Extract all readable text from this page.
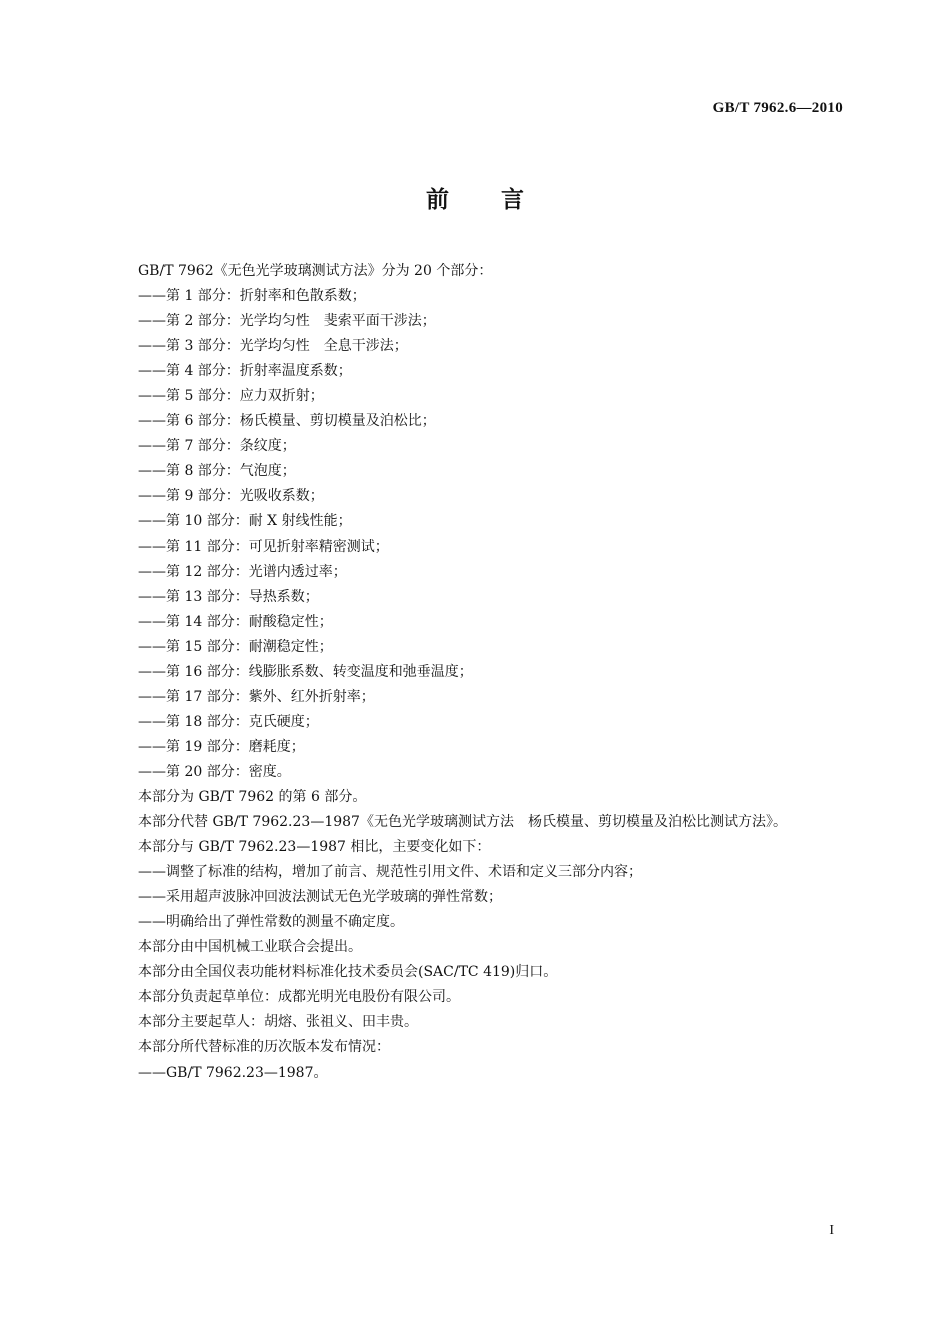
GB/T 7962.6—2010
前言

GB/T 7962《无色光学玻璃测试方法》分为 20 个部分：

——第 1 部分：折射率和色散系数；

——第 2 部分：光学均匀性　斐索平面干涉法；

——第 3 部分：光学均匀性　全息干涉法；

——第 4 部分：折射率温度系数；

——第 5 部分：应力双折射；

——第 6 部分：杨氏模量、剪切模量及泊松比；

——第 7 部分：条纹度；

——第 8 部分：气泡度；

——第 9 部分：光吸收系数；

——第 10 部分：耐 X 射线性能；

——第 11 部分：可见折射率精密测试；

——第 12 部分：光谱内透过率；

——第 13 部分：导热系数；

——第 14 部分：耐酸稳定性；

——第 15 部分：耐潮稳定性；

——第 16 部分：线膨胀系数、转变温度和弛垂温度；

——第 17 部分：紫外、红外折射率；

——第 18 部分：克氏硬度；

——第 19 部分：磨耗度；

——第 20 部分：密度。

本部分为 GB/T 7962 的第 6 部分。

本部分代替 GB/T 7962.23—1987《无色光学玻璃测试方法　杨氏模量、剪切模量及泊松比测试方法》。

本部分与 GB/T 7962.23—1987 相比，主要变化如下：

——调整了标准的结构，增加了前言、规范性引用文件、术语和定义三部分内容；

——采用超声波脉冲回波法测试无色光学玻璃的弹性常数；

——明确给出了弹性常数的测量不确定度。

本部分由中国机械工业联合会提出。

本部分由全国仪表功能材料标准化技术委员会(SAC/TC 419)归口。

本部分负责起草单位：成都光明光电股份有限公司。

本部分主要起草人：胡熔、张祖义、田丰贵。

本部分所代替标准的历次版本发布情况：

——GB/T 7962.23—1987。

I
